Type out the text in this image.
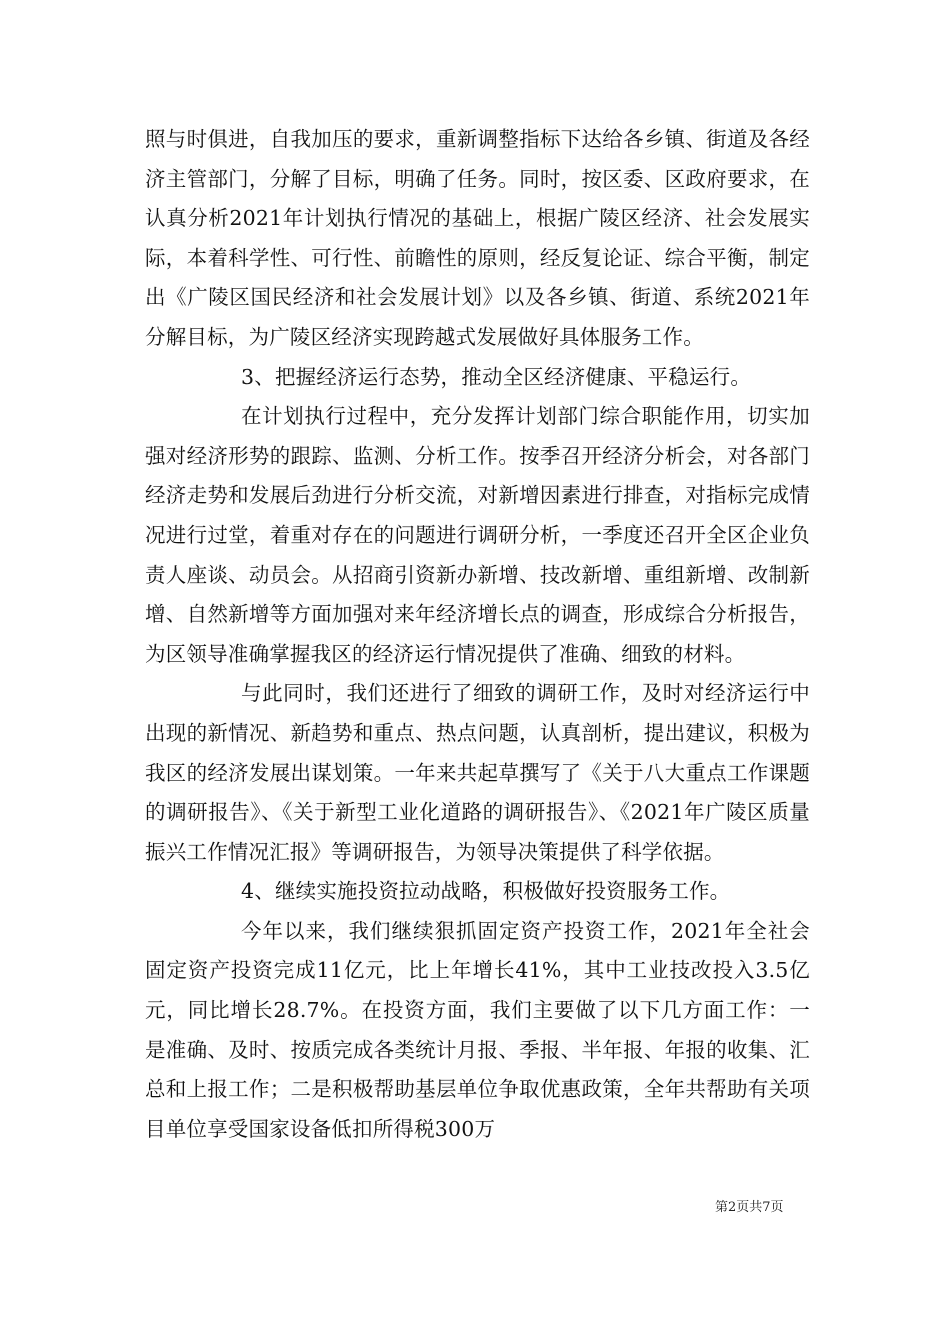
照与时俱进，自我加压的要求，重新调整指标下达给各乡镇、街道及各经济主管部门，分解了目标，明确了任务。同时，按区委、区政府要求，在认真分析2021年计划执行情况的基础上，根据广陵区经济、社会发展实际，本着科学性、可行性、前瞻性的原则，经反复论证、综合平衡，制定出《广陵区国民经济和社会发展计划》以及各乡镇、街道、系统2021年分解目标，为广陵区经济实现跨越式发展做好具体服务工作。

3、把握经济运行态势，推动全区经济健康、平稳运行。

在计划执行过程中，充分发挥计划部门综合职能作用，切实加强对经济形势的跟踪、监测、分析工作。按季召开经济分析会，对各部门经济走势和发展后劲进行分析交流，对新增因素进行排查，对指标完成情况进行过堂，着重对存在的问题进行调研分析，一季度还召开全区企业负责人座谈、动员会。从招商引资新办新增、技改新增、重组新增、改制新增、自然新增等方面加强对来年经济增长点的调查，形成综合分析报告，为区领导准确掌握我区的经济运行情况提供了准确、细致的材料。

与此同时，我们还进行了细致的调研工作，及时对经济运行中出现的新情况、新趋势和重点、热点问题，认真剖析，提出建议，积极为我区的经济发展出谋划策。一年来共起草撰写了《关于八大重点工作课题的调研报告》、《关于新型工业化道路的调研报告》、《2021年广陵区质量振兴工作情况汇报》等调研报告，为领导决策提供了科学依据。

4、继续实施投资拉动战略，积极做好投资服务工作。

今年以来，我们继续狠抓固定资产投资工作，2021年全社会固定资产投资完成11亿元，比上年增长41%，其中工业技改投入3.5亿元，同比增长28.7%。在投资方面，我们主要做了以下几方面工作：一是准确、及时、按质完成各类统计月报、季报、半年报、年报的收集、汇总和上报工作；二是积极帮助基层单位争取优惠政策，全年共帮助有关项目单位享受国家设备低扣所得税300万

第2页共7页
